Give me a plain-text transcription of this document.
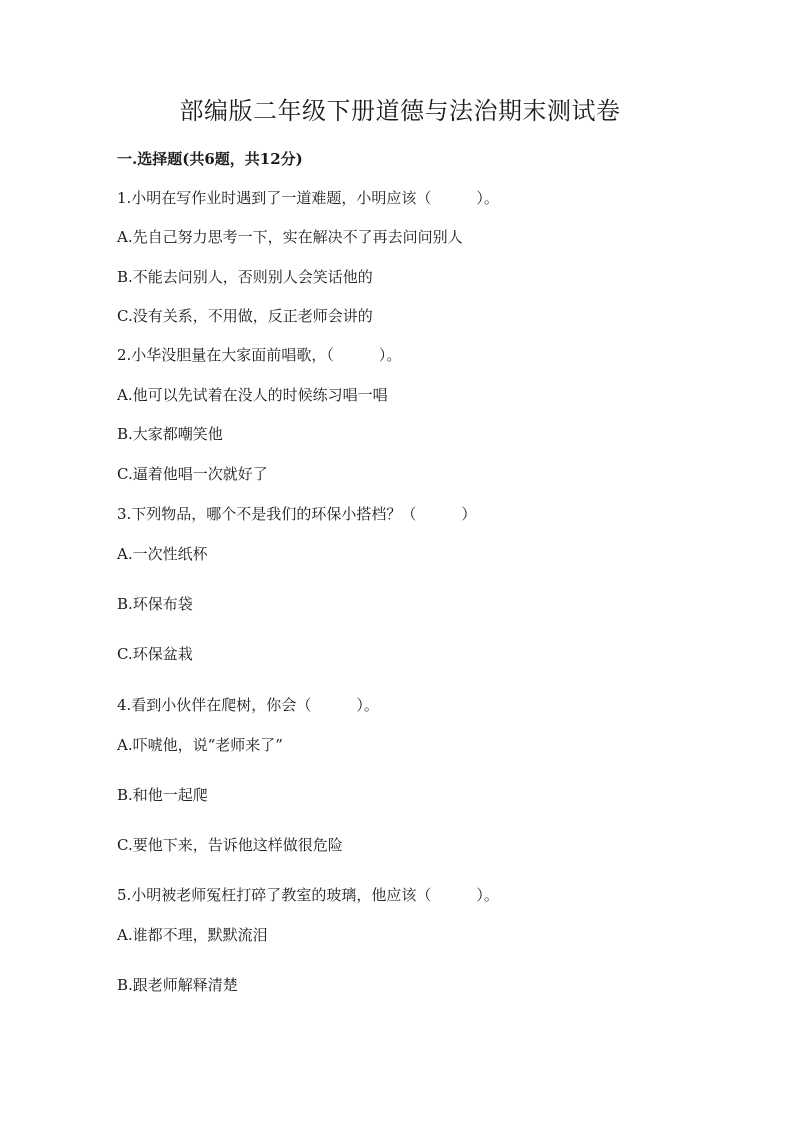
部编版二年级下册道德与法治期末测试卷
一.选择题(共6题，共12分)
1.小明在写作业时遇到了一道难题，小明应该（　　　）。
A.先自己努力思考一下，实在解决不了再去问问别人
B.不能去问别人，否则别人会笑话他的
C.没有关系，不用做，反正老师会讲的
2.小华没胆量在大家面前唱歌，（　　　）。
A.他可以先试着在没人的时候练习唱一唱
B.大家都嘲笑他
C.逼着他唱一次就好了
3.下列物品，哪个不是我们的环保小搭档？（　　　）
A.一次性纸杯
B.环保布袋
C.环保盆栽
4.看到小伙伴在爬树，你会（　　　）。
A.吓唬他，说“老师来了”
B.和他一起爬
C.要他下来，告诉他这样做很危险
5.小明被老师冤枉打碎了教室的玻璃，他应该（　　　）。
A.谁都不理，默默流泪
B.跟老师解释清楚
